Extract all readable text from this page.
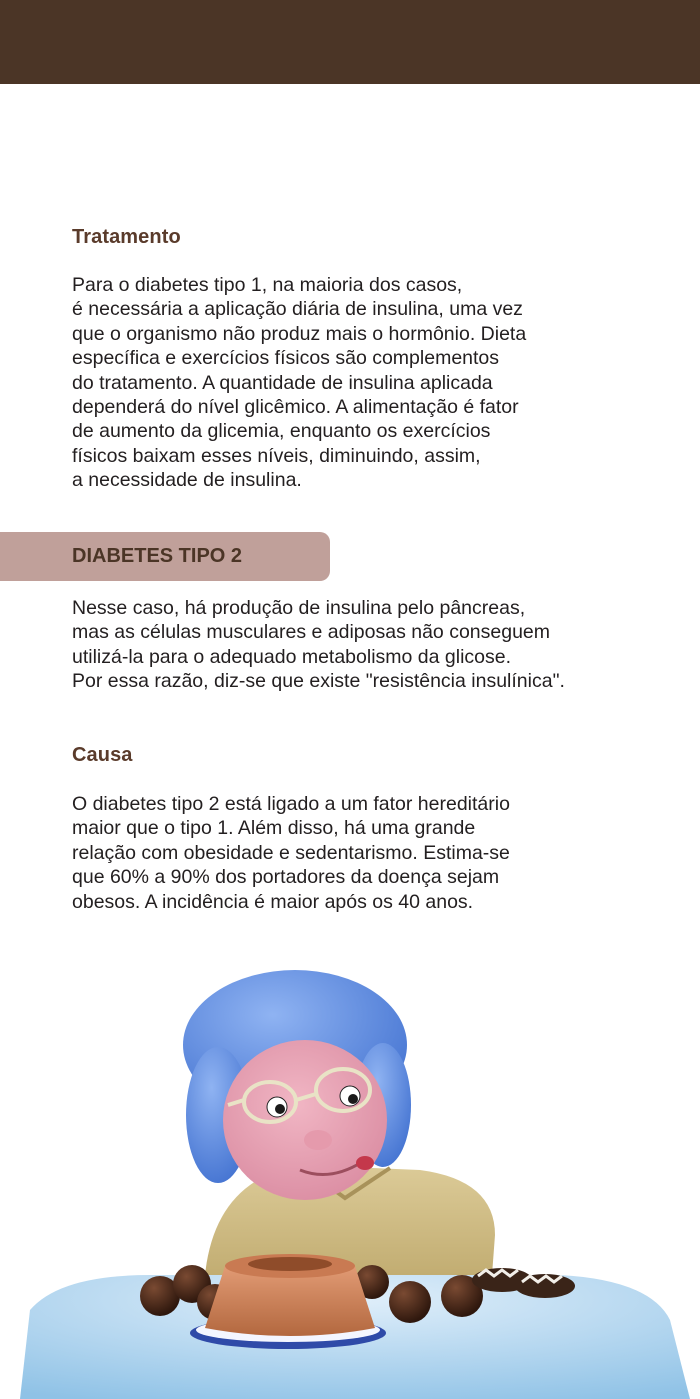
Tratamento

Para o diabetes tipo 1, na maioria dos casos,
é necessária a aplicação diária de insulina, uma vez
que o organismo não produz mais o hormônio. Dieta
específica e exercícios físicos são complementos
do tratamento. A quantidade de insulina aplicada
dependerá do nível glicêmico. A alimentação é fator
de aumento da glicemia, enquanto os exercícios
físicos baixam esses níveis, diminuindo, assim,
a necessidade de insulina.

DIABETES TIPO 2

Nesse caso, há produção de insulina pelo pâncreas,
mas as células musculares e adiposas não conseguem
utilizá-la para o adequado metabolismo da glicose.
Por essa razão, diz-se que existe "resistência insulínica".

Causa

O diabetes tipo 2 está ligado a um fator hereditário
maior que o tipo 1. Além disso, há uma grande
relação com obesidade e sedentarismo. Estima-se
que 60% a 90% dos portadores da doença sejam
obesos. A incidência é maior após os 40 anos.
